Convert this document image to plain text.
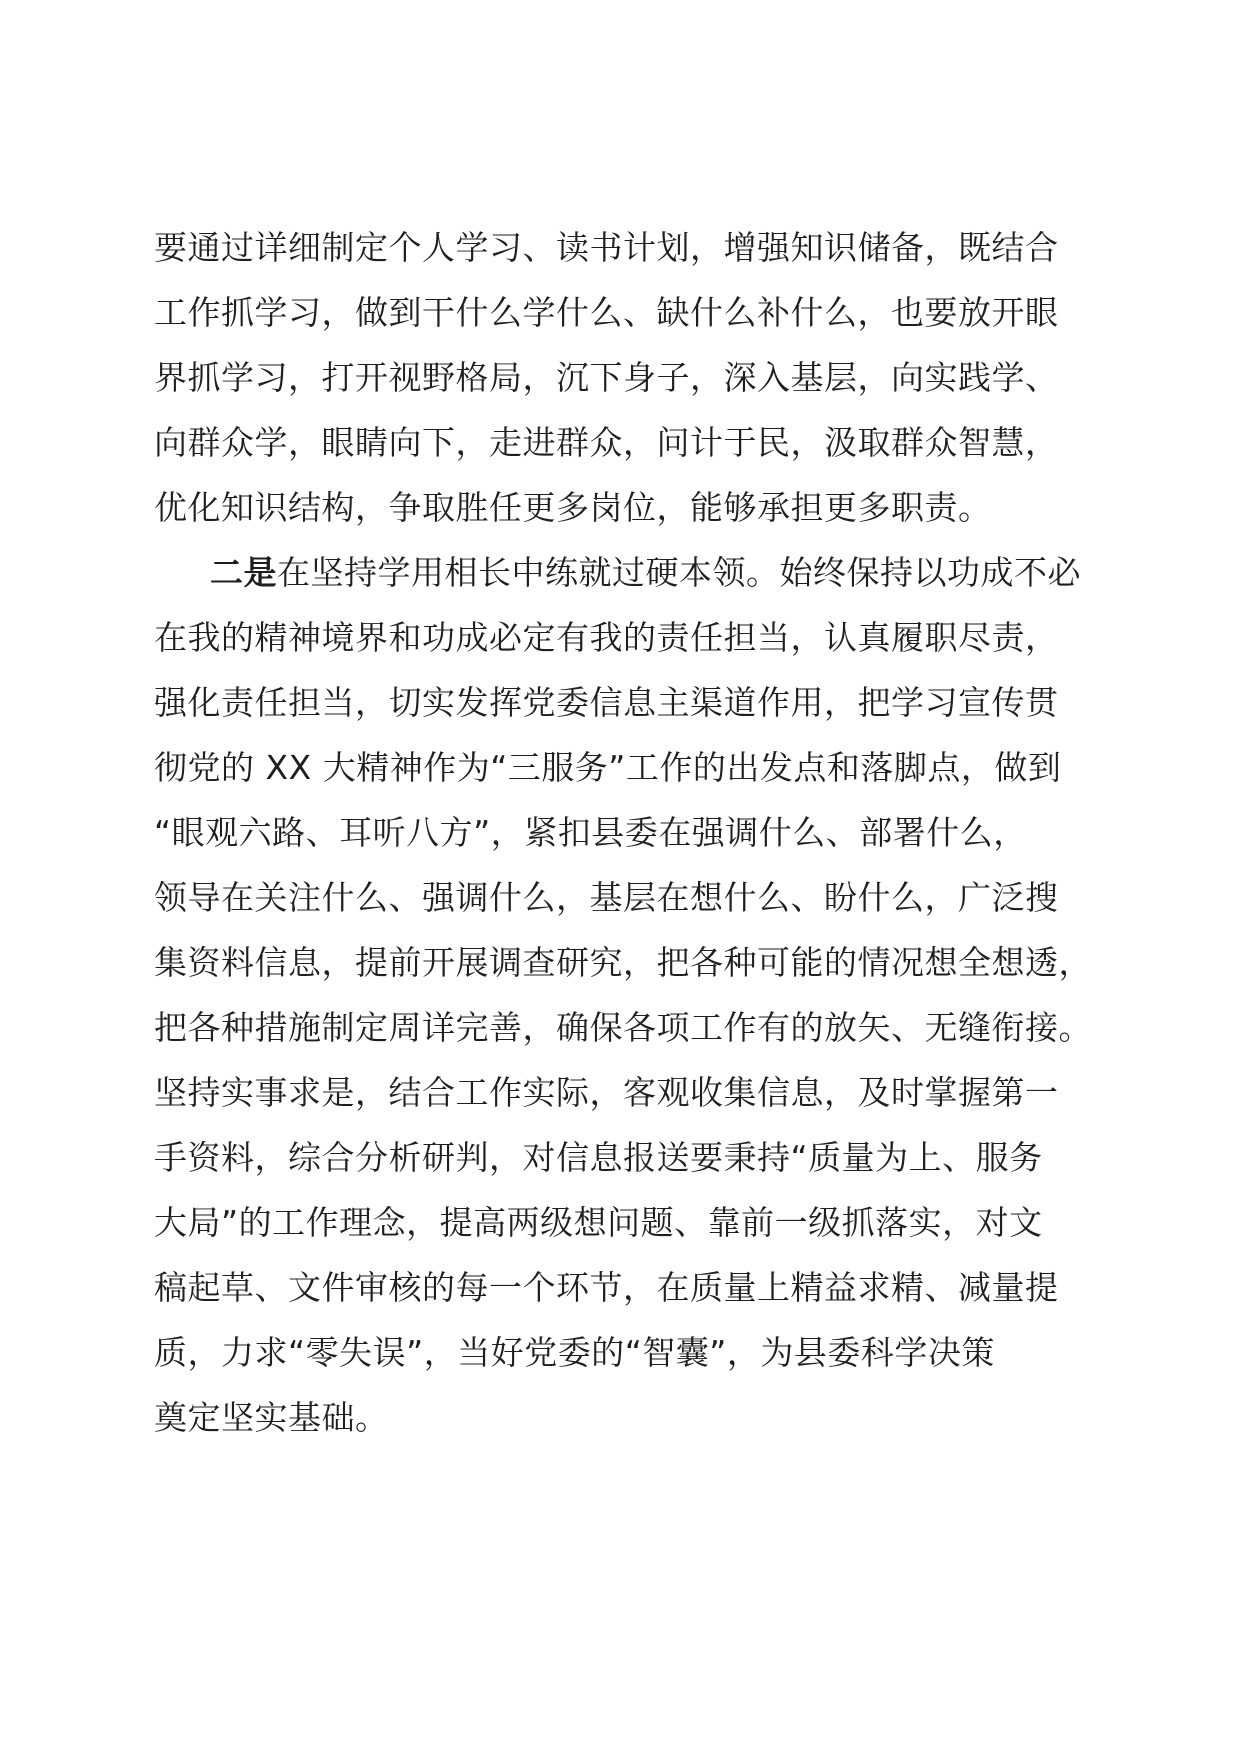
要通过详细制定个人学习、读书计划，增强知识储备，既结合
工作抓学习，做到干什么学什么、缺什么补什么，也要放开眼
界抓学习，打开视野格局，沉下身子，深入基层，向实践学、
向群众学，眼睛向下，走进群众，问计于民，汲取群众智慧，
优化知识结构，争取胜任更多岗位，能够承担更多职责。
二是在坚持学用相长中练就过硬本领。始终保持以功成不必
在我的精神境界和功成必定有我的责任担当，认真履职尽责，
强化责任担当，切实发挥党委信息主渠道作用，把学习宣传贯
彻党的 XX 大精神作为“三服务”工作的出发点和落脚点，做到
“眼观六路、耳听八方”，紧扣县委在强调什么、部署什么，
领导在关注什么、强调什么，基层在想什么、盼什么，广泛搜
集资料信息，提前开展调查研究，把各种可能的情况想全想透，
把各种措施制定周详完善，确保各项工作有的放矢、无缝衔接。
坚持实事求是，结合工作实际，客观收集信息，及时掌握第一
手资料，综合分析研判，对信息报送要秉持“质量为上、服务
大局”的工作理念，提高两级想问题、靠前一级抓落实，对文
稿起草、文件审核的每一个环节，在质量上精益求精、减量提
质，力求“零失误”，当好党委的“智囊”，为县委科学决策
奠定坚实基础。
